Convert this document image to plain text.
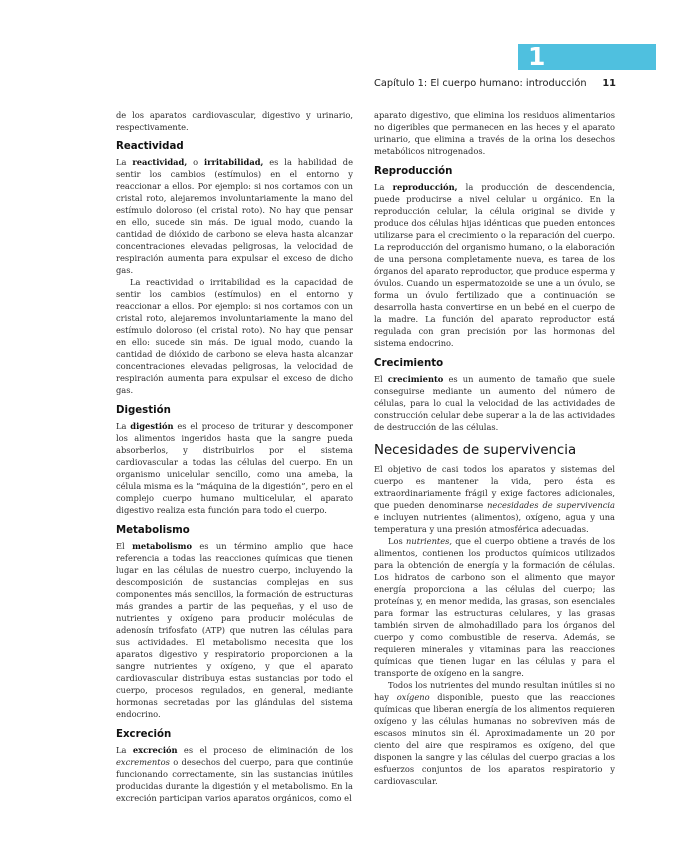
1
Capítulo 1: El cuerpo humano: introducción	11

de los aparatos cardiovascular, digestivo y urinario, respectivamente.

Reactividad

La reactividad, o irritabilidad, es la habilidad de sentir los cambios (estímulos) en el entorno y reaccionar a ellos. Por ejemplo: si nos cortamos con un cristal roto, alejaremos involuntariamente la mano del estímulo doloroso (el cristal roto). No hay que pensar en ello, sucede sin más. De igual modo, cuando la cantidad de dióxido de carbono se eleva hasta alcanzar concentraciones elevadas peligrosas, la velocidad de respiración aumenta para expulsar el exceso de dicho gas.

La reactividad o irritabilidad es la capacidad de sentir los cambios (estímulos) en el entorno y reaccionar a ellos. Por ejemplo: si nos cortamos con un cristal roto, alejaremos involuntariamente la mano del estímulo doloroso (el cristal roto). No hay que pensar en ello: sucede sin más. De igual modo, cuando la cantidad de dióxido de carbono se eleva hasta alcanzar concentraciones elevadas peligrosas, la velocidad de respiración aumenta para expulsar el exceso de dicho gas.

Digestión

La digestión es el proceso de triturar y descomponer los alimentos ingeridos hasta que la sangre pueda absorberlos, y distribuirlos por el sistema cardiovascular a todas las células del cuerpo. En un organismo unicelular sencillo, como una ameba, la célula misma es la “máquina de la digestión”, pero en el complejo cuerpo humano multicelular, el aparato digestivo realiza esta función para todo el cuerpo.

Metabolismo

El metabolismo es un término amplio que hace referencia a todas las reacciones químicas que tienen lugar en las células de nuestro cuerpo, incluyendo la descomposición de sustancias complejas en sus componentes más sencillos, la formación de estructuras más grandes a partir de las pequeñas, y el uso de nutrientes y oxígeno para producir moléculas de adenosín trifosfato (ATP) que nutren las células para sus actividades. El metabolismo necesita que los aparatos digestivo y respiratorio proporcionen a la sangre nutrientes y oxígeno, y que el aparato cardiovascular distribuya estas sustancias por todo el cuerpo, procesos regulados, en general, mediante hormonas secretadas por las glándulas del sistema endocrino.

Excreción

La excreción es el proceso de eliminación de los excrementos o desechos del cuerpo, para que continúe funcionando correctamente, sin las sustancias inútiles producidas durante la digestión y el metabolismo. En la excreción participan varios aparatos orgánicos, como el

aparato digestivo, que elimina los residuos alimentarios no digeribles que permanecen en las heces y el aparato urinario, que elimina a través de la orina los desechos metabólicos nitrogenados.

Reproducción

La reproducción, la producción de descendencia, puede producirse a nivel celular u orgánico. En la reproducción celular, la célula original se divide y produce dos células hijas idénticas que pueden entonces utilizarse para el crecimiento o la reparación del cuerpo. La reproducción del organismo humano, o la elaboración de una persona completamente nueva, es tarea de los órganos del aparato reproductor, que produce esperma y óvulos. Cuando un espermatozoide se une a un óvulo, se forma un óvulo fertilizado que a continuación se desarrolla hasta convertirse en un bebé en el cuerpo de la madre. La función del aparato reproductor está regulada con gran precisión por las hormonas del sistema endocrino.

Crecimiento

El crecimiento es un aumento de tamaño que suele conseguirse mediante un aumento del número de células, para lo cual la velocidad de las actividades de construcción celular debe superar a la de las actividades de destrucción de las células.

Necesidades de supervivencia

El objetivo de casi todos los aparatos y sistemas del cuerpo es mantener la vida, pero ésta es extraordinariamente frágil y exige factores adicionales, que pueden denominarse necesidades de supervivencia e incluyen nutrientes (alimentos), oxígeno, agua y una temperatura y una presión atmosférica adecuadas.

Los nutrientes, que el cuerpo obtiene a través de los alimentos, contienen los productos químicos utilizados para la obtención de energía y la formación de células. Los hidratos de carbono son el alimento que mayor energía proporciona a las células del cuerpo; las proteínas y, en menor medida, las grasas, son esenciales para formar las estructuras celulares, y las grasas también sirven de almohadillado para los órganos del cuerpo y como combustible de reserva. Además, se requieren minerales y vitaminas para las reacciones químicas que tienen lugar en las células y para el transporte de oxígeno en la sangre.

Todos los nutrientes del mundo resultan inútiles si no hay oxígeno disponible, puesto que las reacciones químicas que liberan energía de los alimentos requieren oxígeno y las células humanas no sobreviven más de escasos minutos sin él. Aproximadamente un 20 por ciento del aire que respiramos es oxígeno, del que disponen la sangre y las células del cuerpo gracias a los esfuerzos conjuntos de los aparatos respiratorio y cardiovascular.
